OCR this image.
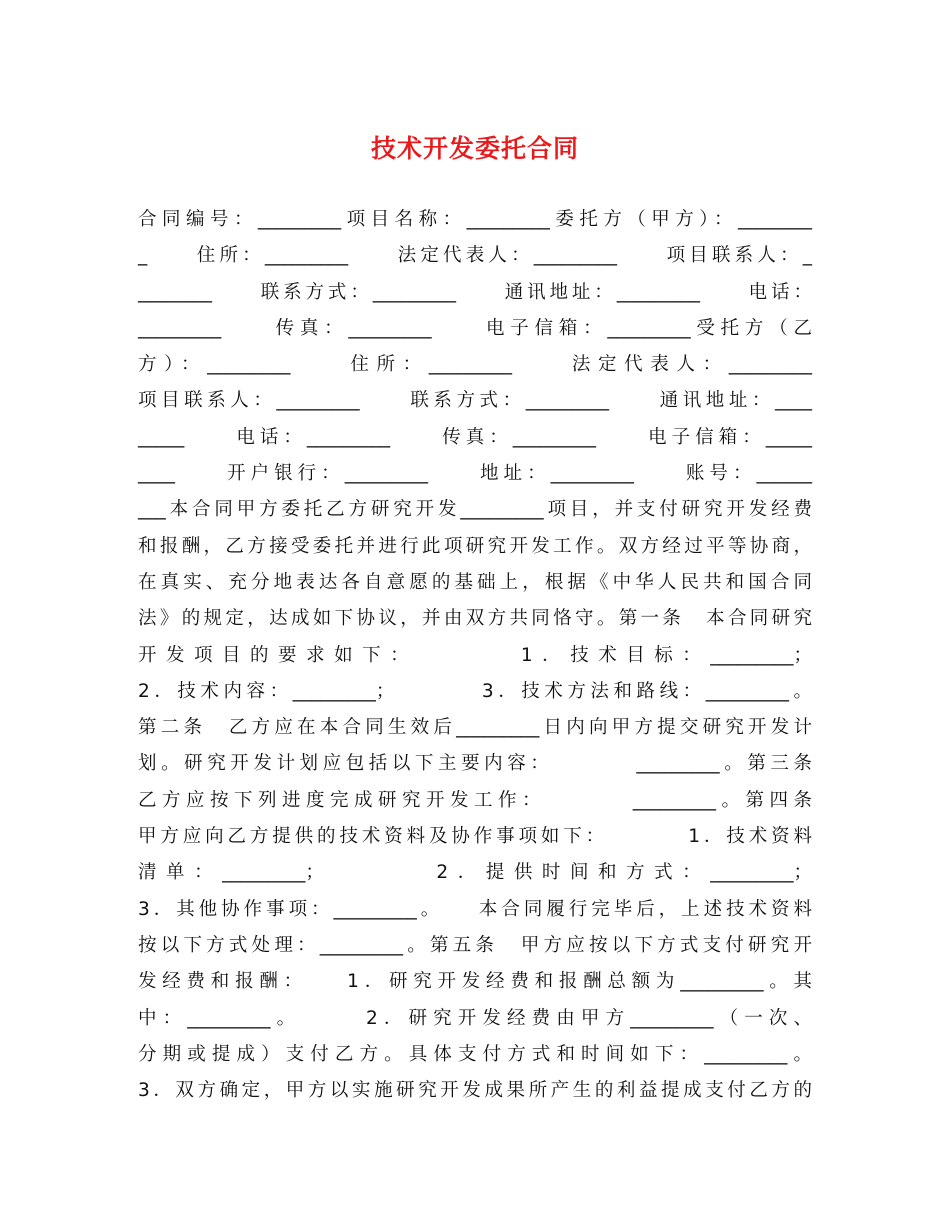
技术开发委托合同
合同编号：_________项目名称：_________委托方（甲方）：________
_　　住所：_________　　法定代表人：_________　　项目联系人：_
________　　联系方式：_________　　通讯地址：_________　　电话：
_________　　传真：_________　　电子信箱：_________受托方（乙
方）：_________　　住所：_________　　法定代表人：_________
项目联系人：_________　　联系方式：_________　　通讯地址：____
_____　　电话：_________　　传真：_________　　电子信箱：_____
____　　开户银行：_________　　地址：_________　　账号：______
___本合同甲方委托乙方研究开发_________项目，并支付研究开发经费
和报酬，乙方接受委托并进行此项研究开发工作。双方经过平等协商，
在真实、充分地表达各自意愿的基础上，根据《中华人民共和国合同
法》的规定，达成如下协议，并由双方共同恪守。第一条　本合同研究
开发项目的要求如下：　　　　1．技术目标：_________；
2．技术内容：_________；　　　　3．技术方法和路线：_________。
第二条　乙方应在本合同生效后_________日内向甲方提交研究开发计
划。研究开发计划应包括以下主要内容：　　　　_________。第三条
乙方应按下列进度完成研究开发工作：　　　　_________。第四条
甲方应向乙方提供的技术资料及协作事项如下：　　　　1．技术资料
清单：_________；　　　　2．提供时间和方式：_________；
3．其他协作事项：_________。　　本合同履行完毕后，上述技术资料
按以下方式处理：_________。第五条　甲方应按以下方式支付研究开
发经费和报酬：　　1．研究开发经费和报酬总额为_________。其
中：_________。　　　2．研究开发经费由甲方_________（一次、
分期或提成）支付乙方。具体支付方式和时间如下：_________。
3．双方确定，甲方以实施研究开发成果所产生的利益提成支付乙方的
